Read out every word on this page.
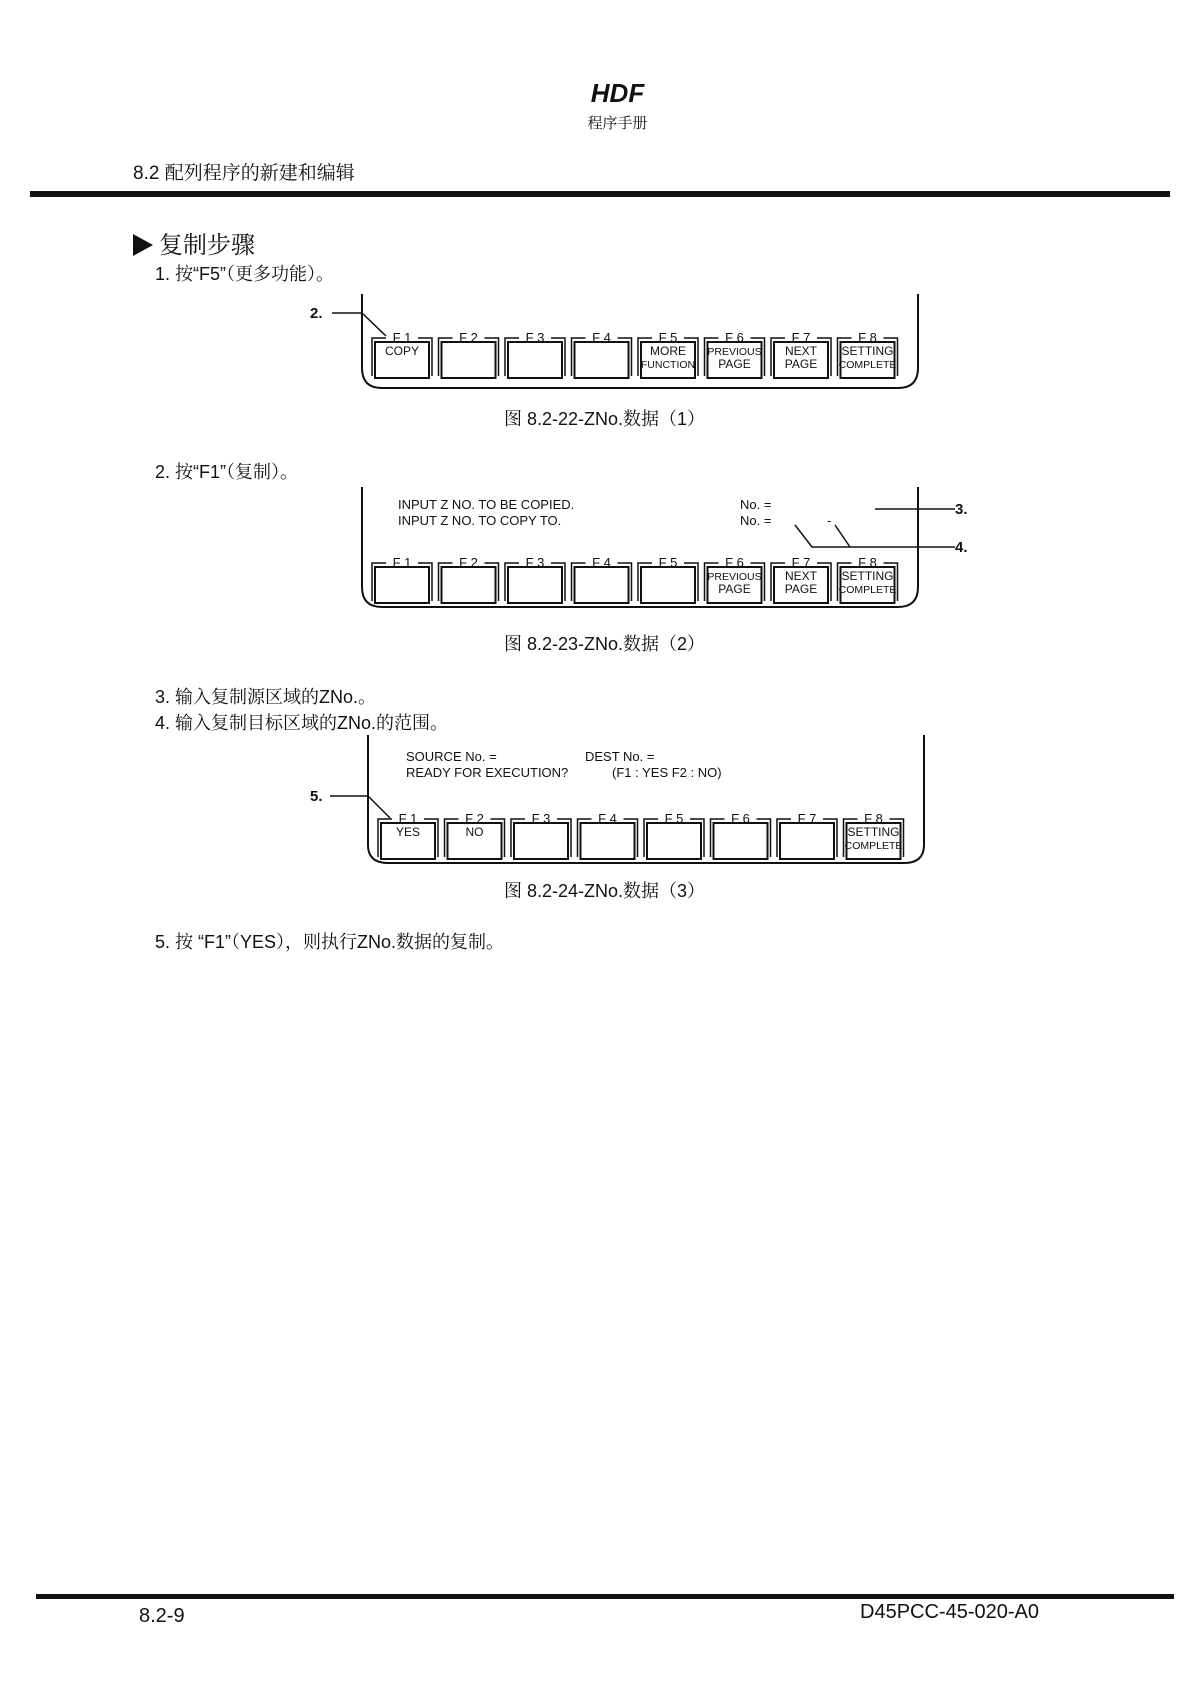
HDF
程序手册
8.2 配列程序的新建和编辑
复制步骤
1. 按“F5”（更多功能）。
2.
F 1
COPY
F 2	F 3	F 4	F 5
MORE
FUNCTION
F 6
PREVIOUS
PAGE
F 7
NEXT
PAGE
F 8
SETTING
COMPLETE
图 8.2-22-ZNo.数据（1）
2. 按“F1”（复制）。
INPUT Z NO. TO BE COPIED.
INPUT Z NO. TO COPY TO.
No. =
No. =	-
3.
4.
F 1	F 2	F 3	F 4	F 5	F 6
PREVIOUS
PAGE
F 7
NEXT
PAGE
F 8
SETTING
COMPLETE
图 8.2-23-ZNo.数据（2）
3. 输入复制源区域的ZNo.。
4. 输入复制目标区域的ZNo.的范围。
SOURCE No. =	DEST No. =
READY FOR EXECUTION?	(F1 : YES F2 : NO)
5.
F 1
YES
F 2
NO
F 3	F 4	F 5	F 6	F 7	F 8
SETTING
COMPLETE
图 8.2-24-ZNo.数据（3）
5. 按 “F1”（YES），则执行ZNo.数据的复制。
8.2-9	D45PCC-45-020-A0
